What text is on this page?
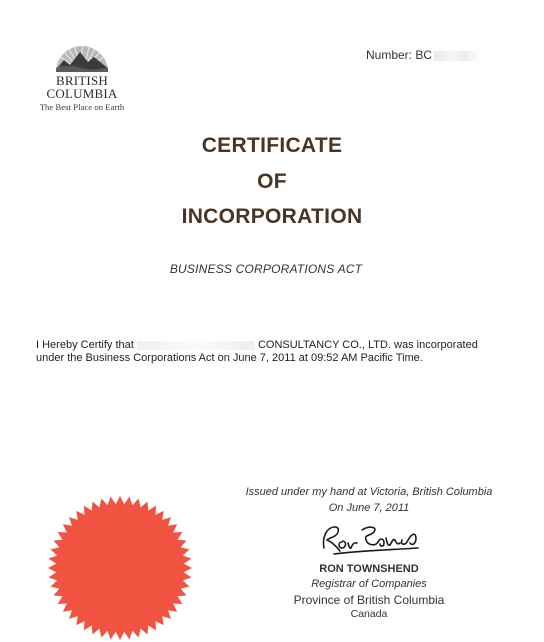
BRITISH
COLUMBIA
The Best Place on Earth
Number: BC
CERTIFICATE
OF
INCORPORATION
BUSINESS CORPORATIONS ACT
I Hereby Certify that	CONSULTANCY CO., LTD. was incorporated
under the Business Corporations Act on June 7, 2011 at 09:52 AM Pacific Time.
Issued under my hand at Victoria, British Columbia
On June 7, 2011
RON TOWNSHEND
Registrar of Companies
Province of British Columbia
Canada
